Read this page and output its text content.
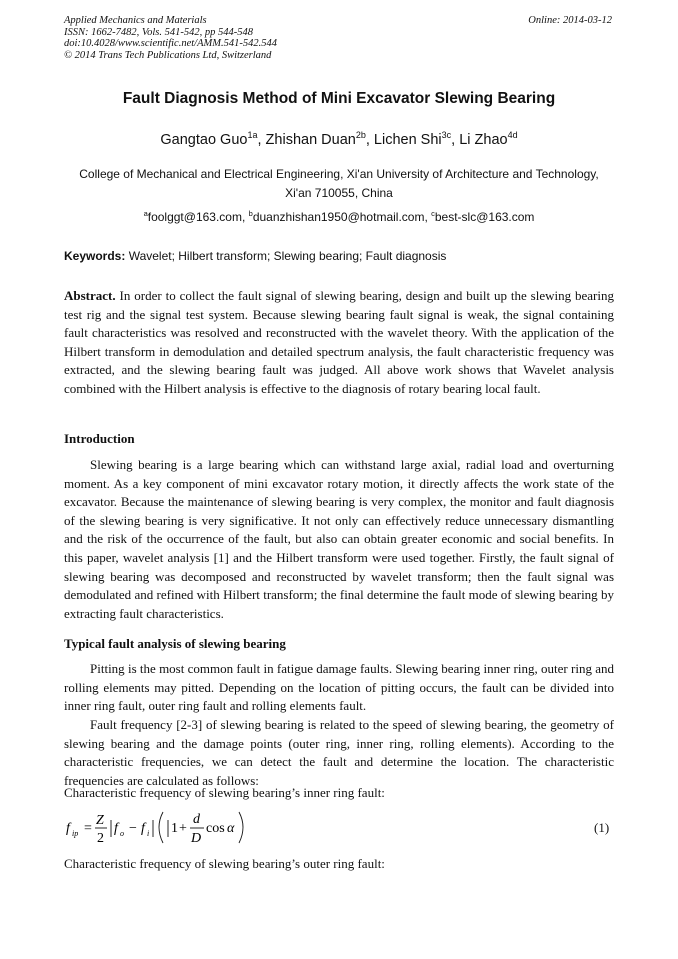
Applied Mechanics and Materials
ISSN: 1662-7482, Vols. 541-542, pp 544-548
doi:10.4028/www.scientific.net/AMM.541-542.544
© 2014 Trans Tech Publications Ltd, Switzerland
Online: 2014-03-12
Fault Diagnosis Method of Mini Excavator Slewing Bearing
Gangtao Guo$^{1a}$, Zhishan Duan$^{2b}$, Lichen Shi$^{3c}$, Li Zhao$^{4d}$
College of Mechanical and Electrical Engineering, Xi'an University of Architecture and Technology,
Xi'an 710055, China
$^a$foolggt@163.com, $^b$duanzhishan1950@hotmail.com, $^c$best-slc@163.com
Keywords: Wavelet; Hilbert transform; Slewing bearing; Fault diagnosis
Abstract. In order to collect the fault signal of slewing bearing, design and built up the slewing bearing test rig and the signal test system. Because slewing bearing fault signal is weak, the signal containing fault characteristics was resolved and reconstructed with the wavelet theory. With the application of the Hilbert transform in demodulation and detailed spectrum analysis, the fault characteristic frequency was extracted, and the slewing bearing fault was judged. All above work shows that Wavelet analysis combined with the Hilbert analysis is effective to the diagnosis of rotary bearing local fault.
Introduction
Slewing bearing is a large bearing which can withstand large axial, radial load and overturning moment. As a key component of mini excavator rotary motion, it directly affects the work state of the excavator. Because the maintenance of slewing bearing is very complex, the monitor and fault diagnosis of the slewing bearing is very significative. It not only can effectively reduce unnecessary dismantling and the risk of the occurrence of the fault, but also can obtain greater economic and social benefits. In this paper, wavelet analysis [1] and the Hilbert transform were used together. Firstly, the fault signal of slewing bearing was decomposed and reconstructed by wavelet transform; then the fault signal was demodulated and refined with Hilbert transform; the final determine the fault mode of slewing bearing by extracting fault characteristics.
Typical fault analysis of slewing bearing
Pitting is the most common fault in fatigue damage faults. Slewing bearing inner ring, outer ring and rolling elements may pitted. Depending on the location of pitting occurs, the fault can be divided into inner ring fault, outer ring fault and rolling elements fault.
Fault frequency [2-3] of slewing bearing is related to the speed of slewing bearing, the geometry of slewing bearing and the damage points (outer ring, inner ring, rolling elements). According to the characteristic frequencies, we can detect the fault and determine the location. The characteristic frequencies are calculated as follows:
Characteristic frequency of slewing bearing’s inner ring fault:
f ip =
Z
2
f o − f i 1 +
d
D
cos α	(1)
Characteristic frequency of slewing bearing’s outer ring fault:
